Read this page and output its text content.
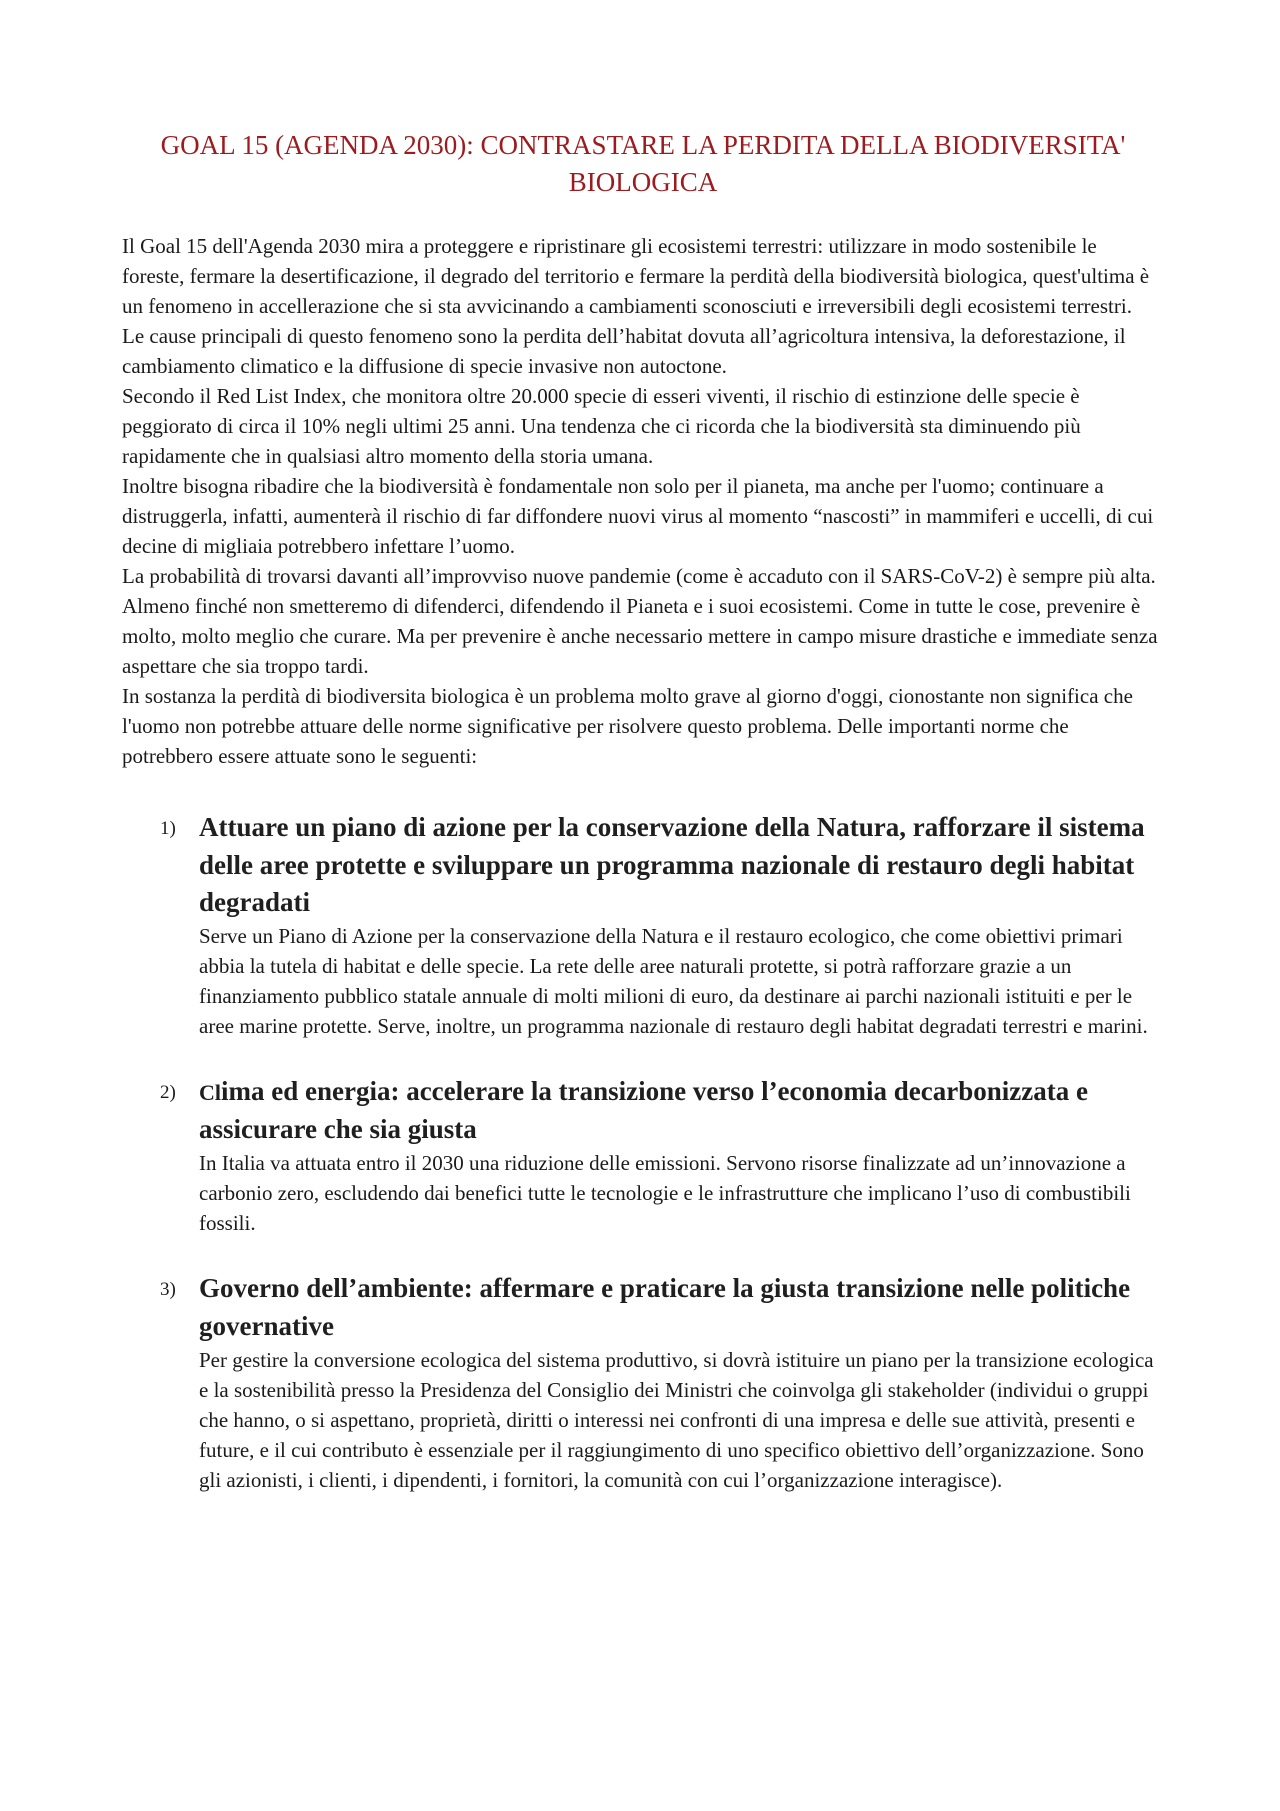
GOAL 15 (AGENDA 2030): CONTRASTARE LA PERDITA DELLA BIODIVERSITA' BIOLOGICA

Il Goal 15 dell'Agenda 2030 mira a proteggere e ripristinare gli ecosistemi terrestri: utilizzare in modo sostenibile le foreste, fermare la desertificazione, il degrado del territorio e fermare la perdità della biodiversità biologica, quest'ultima è un fenomeno in accellerazione che si sta avvicinando a cambiamenti sconosciuti e irreversibili degli ecosistemi terrestri.
Le cause principali di questo fenomeno sono la perdita dell’habitat dovuta all’agricoltura intensiva, la deforestazione, il cambiamento climatico e la diffusione di specie invasive non autoctone.
Secondo il Red List Index, che monitora oltre 20.000 specie di esseri viventi, il rischio di estinzione delle specie è peggiorato di circa il 10% negli ultimi 25 anni. Una tendenza che ci ricorda che la biodiversità sta diminuendo più rapidamente che in qualsiasi altro momento della storia umana.
Inoltre bisogna ribadire che la biodiversità è fondamentale non solo per il pianeta, ma anche per l'uomo; continuare a distruggerla, infatti, aumenterà il rischio di far diffondere nuovi virus al momento “nascosti” in mammiferi e uccelli, di cui decine di migliaia potrebbero infettare l’uomo.
La probabilità di trovarsi davanti all’improvviso nuove pandemie (come è accaduto con il SARS-CoV-2) è sempre più alta. Almeno finché non smetteremo di difenderci, difendendo il Pianeta e i suoi ecosistemi. Come in tutte le cose, prevenire è molto, molto meglio che curare. Ma per prevenire è anche necessario mettere in campo misure drastiche e immediate senza aspettare che sia troppo tardi.
In sostanza la perdità di biodiversita biologica è un problema molto grave al giorno d'oggi, cionostante non significa che l'uomo non potrebbe attuare delle norme significative per risolvere questo problema. Delle importanti norme che potrebbero essere attuate sono le seguenti:

1) Attuare un piano di azione per la conservazione della Natura, rafforzare il sistema delle aree protette e sviluppare un programma nazionale di restauro degli habitat degradati

Serve un Piano di Azione per la conservazione della Natura e il restauro ecologico, che come obiettivi primari abbia la tutela di habitat e delle specie. La rete delle aree naturali protette, si potrà rafforzare grazie a un finanziamento pubblico statale annuale di molti milioni di euro, da destinare ai parchi nazionali istituiti e per le aree marine protette. Serve, inoltre, un programma nazionale di restauro degli habitat degradati terrestri e marini.

2) Clima ed energia: accelerare la transizione verso l’economia decarbonizzata e assicurare che sia giusta

In Italia va attuata entro il 2030 una riduzione delle emissioni. Servono risorse finalizzate ad un’innovazione a carbonio zero, escludendo dai benefici tutte le tecnologie e le infrastrutture che implicano l’uso di combustibili fossili.

3) Governo dell’ambiente: affermare e praticare la giusta transizione nelle politiche governative

Per gestire la conversione ecologica del sistema produttivo, si dovrà istituire un piano per la transizione ecologica e la sostenibilità presso la Presidenza del Consiglio dei Ministri che coinvolga gli stakeholder (individui o gruppi che hanno, o si aspettano, proprietà, diritti o interessi nei confronti di una impresa e delle sue attività, presenti e future, e il cui contributo è essenziale per il raggiungimento di uno specifico obiettivo dell’organizzazione. Sono gli azionisti, i clienti, i dipendenti, i fornitori, la comunità con cui l’organizzazione interagisce).
